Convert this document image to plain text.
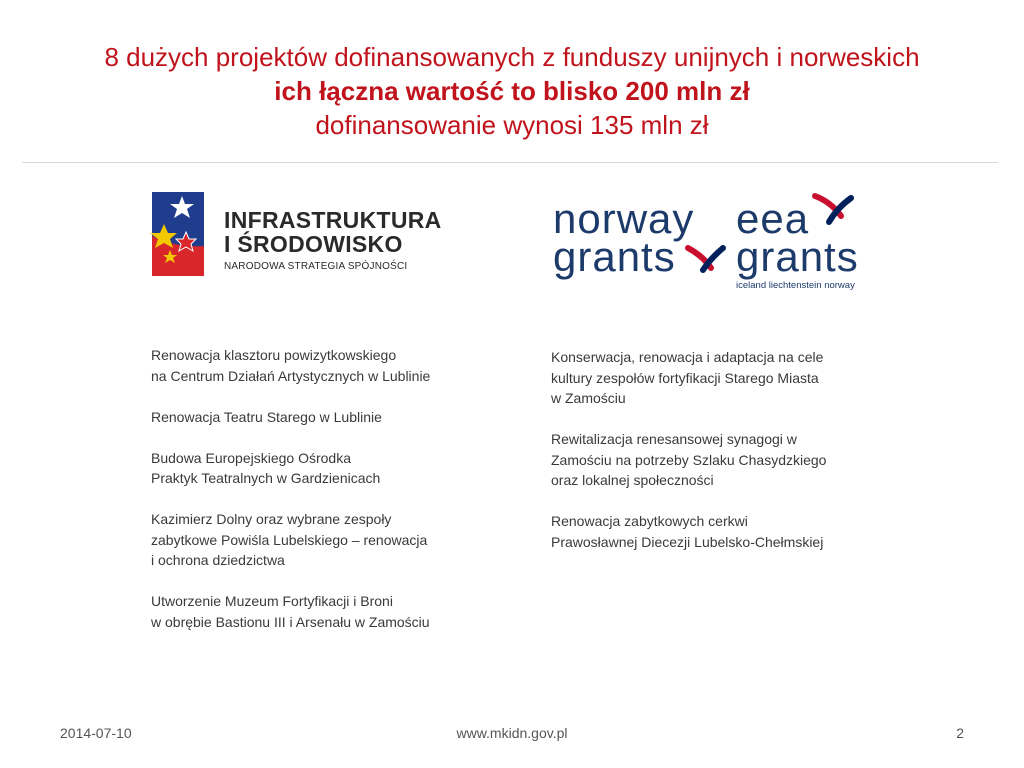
8 dużych projektów dofinansowanych z funduszy unijnych i norweskich
ich łączna wartość to blisko 200 mln zł
dofinansowanie wynosi 135 mln zł
INFRASTRUKTURA
I ŚRODOWISKO
NARODOWA STRATEGIA SPÓJNOŚCI
norway
grants
eea
grants
iceland liechtenstein norway
Renowacja klasztoru powizytkowskiego
na Centrum Działań Artystycznych w Lublinie
Renowacja Teatru Starego w Lublinie
Budowa Europejskiego Ośrodka
Praktyk Teatralnych w Gardzienicach
Kazimierz Dolny oraz wybrane zespoły
zabytkowe Powiśla Lubelskiego – renowacja
i ochrona dziedzictwa
Utworzenie Muzeum Fortyfikacji i Broni
w obrębie Bastionu III i Arsenału w Zamościu
Konserwacja, renowacja i adaptacja na cele
kultury zespołów fortyfikacji Starego Miasta
w Zamościu
Rewitalizacja renesansowej synagogi w
Zamościu na potrzeby Szlaku Chasydzkiego
oraz lokalnej społeczności
Renowacja zabytkowych cerkwi
Prawosławnej Diecezji Lubelsko-Chełmskiej
2014-07-10	www.mkidn.gov.pl	2
